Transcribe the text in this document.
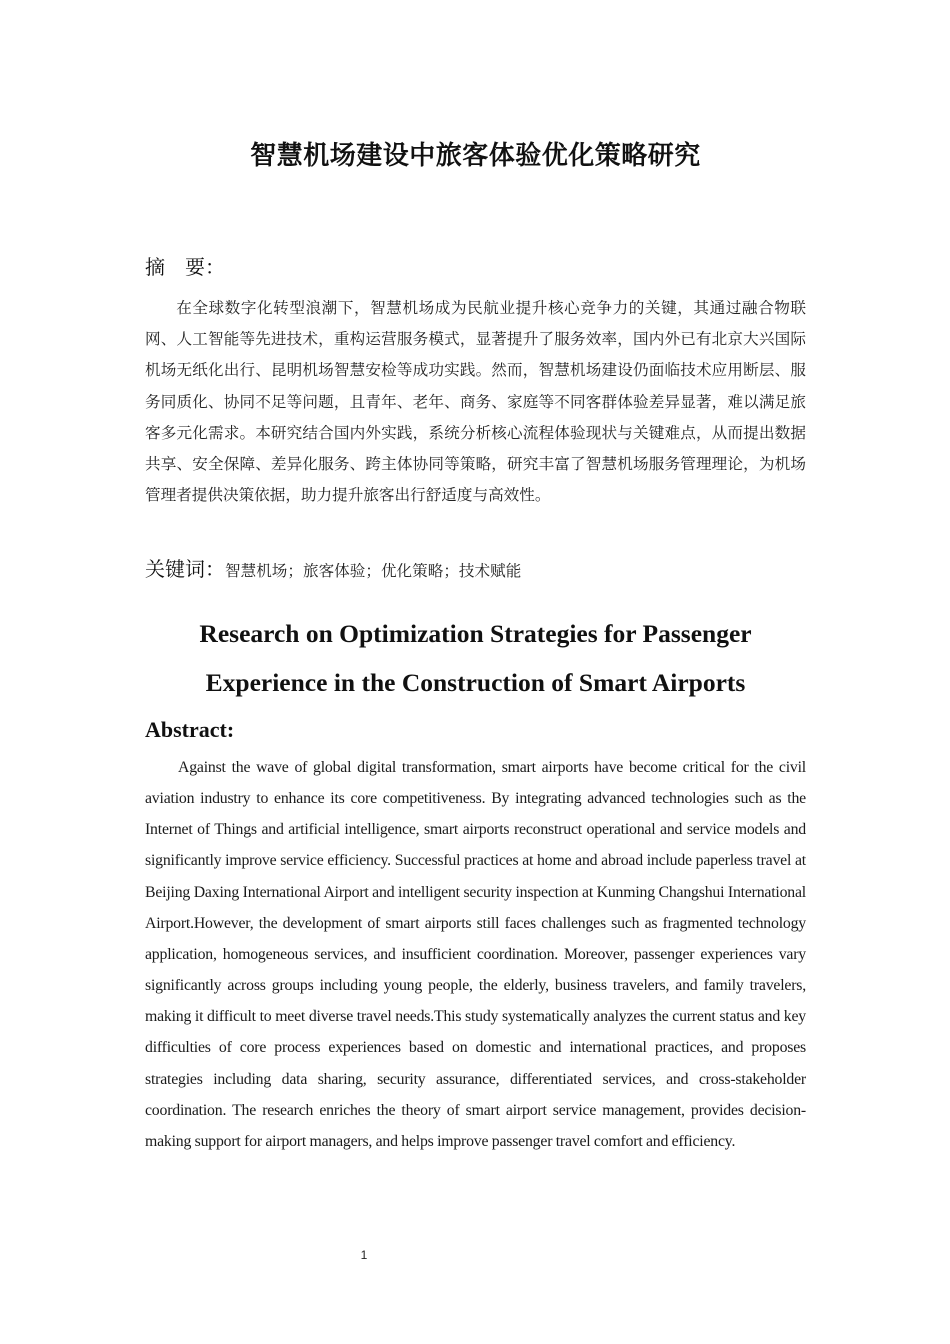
智慧机场建设中旅客体验优化策略研究
摘　要：

在全球数字化转型浪潮下，智慧机场成为民航业提升核心竞争力的关键，其通过融合物联网、人工智能等先进技术，重构运营服务模式，显著提升了服务效率，国内外已有北京大兴国际机场无纸化出行、昆明机场智慧安检等成功实践。然而，智慧机场建设仍面临技术应用断层、服务同质化、协同不足等问题，且青年、老年、商务、家庭等不同客群体验差异显著，难以满足旅客多元化需求。本研究结合国内外实践，系统分析核心流程体验现状与关键难点，从而提出数据共享、安全保障、差异化服务、跨主体协同等策略，研究丰富了智慧机场服务管理理论，为机场管理者提供决策依据，助力提升旅客出行舒适度与高效性。

关键词：智慧机场；旅客体验；优化策略；技术赋能
Research on Optimization Strategies for Passenger
Experience in the Construction of Smart Airports
Abstract:

Against the wave of global digital transformation, smart airports have become critical for the civil aviation industry to enhance its core competitiveness. By integrating advanced technologies such as the Internet of Things and artificial intelligence, smart airports reconstruct operational and service models and significantly improve service efficiency. Successful practices at home and abroad include paperless travel at Beijing Daxing International Airport and intelligent security inspection at Kunming Changshui International Airport.However, the development of smart airports still faces challenges such as fragmented technology application, homogeneous services, and insufficient coordination. Moreover, passenger experiences vary significantly across groups including young people, the elderly, business travelers, and family travelers, making it difficult to meet diverse travel needs.This study systematically analyzes the current status and key difficulties of core process experiences based on domestic and international practices, and proposes strategies including data sharing, security assurance, differentiated services, and cross-stakeholder coordination. The research enriches the theory of smart airport service management, provides decision-making support for airport managers, and helps improve passenger travel comfort and efficiency.

1
